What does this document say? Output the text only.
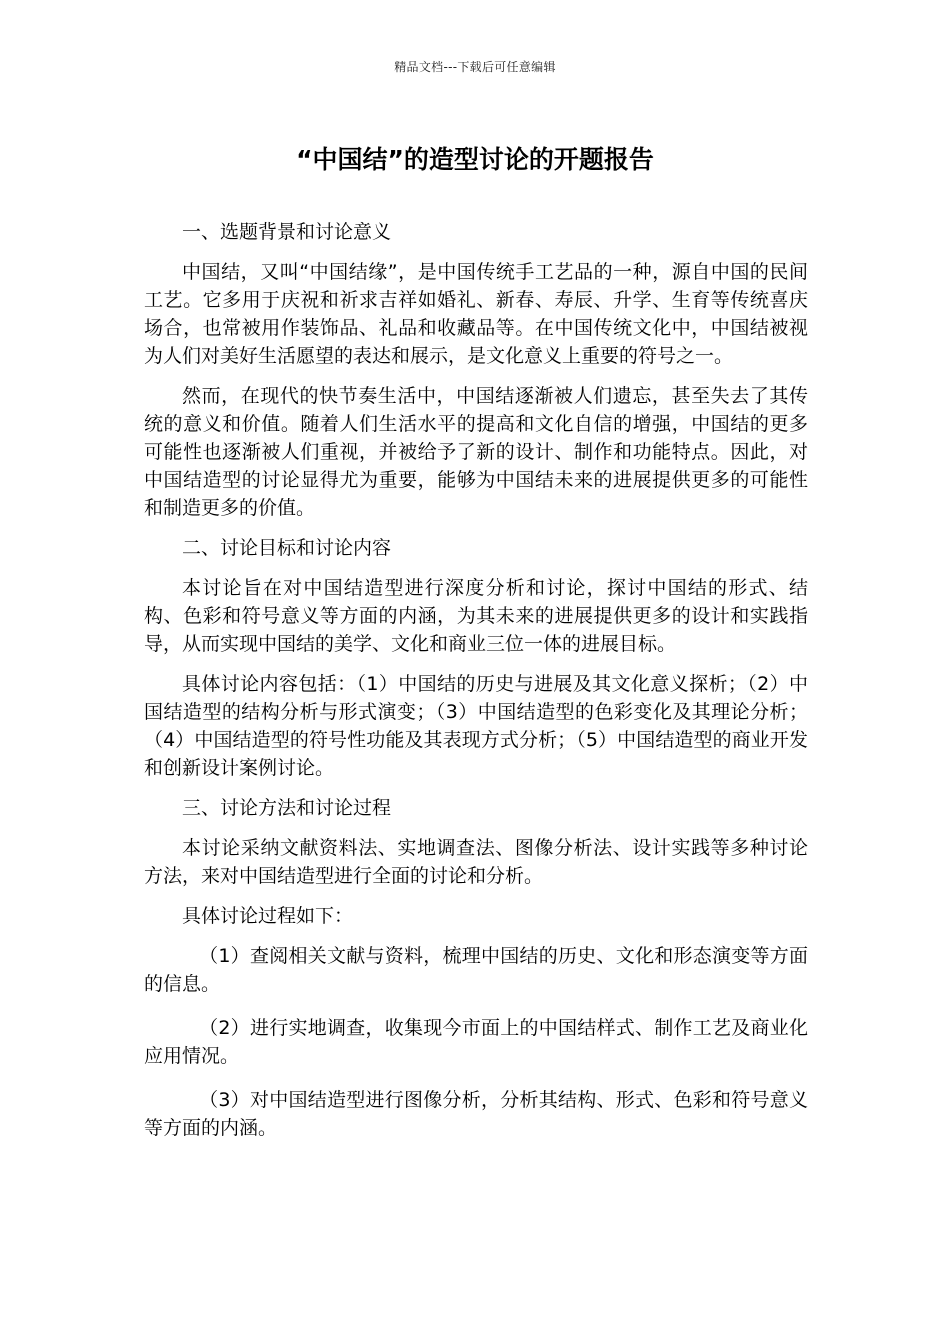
精品文档---下载后可任意编辑
“中国结”的造型讨论的开题报告

一、选题背景和讨论意义

中国结，又叫“中国结缘”，是中国传统手工艺品的一种，源自中国的民间工艺。它多用于庆祝和祈求吉祥如婚礼、新春、寿辰、升学、生育等传统喜庆场合，也常被用作装饰品、礼品和收藏品等。在中国传统文化中，中国结被视为人们对美好生活愿望的表达和展示，是文化意义上重要的符号之一。

然而，在现代的快节奏生活中，中国结逐渐被人们遗忘，甚至失去了其传统的意义和价值。随着人们生活水平的提高和文化自信的增强，中国结的更多可能性也逐渐被人们重视，并被给予了新的设计、制作和功能特点。因此，对中国结造型的讨论显得尤为重要，能够为中国结未来的进展提供更多的可能性和制造更多的价值。

二、讨论目标和讨论内容

本讨论旨在对中国结造型进行深度分析和讨论，探讨中国结的形式、结构、色彩和符号意义等方面的内涵，为其未来的进展提供更多的设计和实践指导，从而实现中国结的美学、文化和商业三位一体的进展目标。

具体讨论内容包括：（1）中国结的历史与进展及其文化意义探析；（2）中国结造型的结构分析与形式演变；（3）中国结造型的色彩变化及其理论分析；（4）中国结造型的符号性功能及其表现方式分析；（5）中国结造型的商业开发和创新设计案例讨论。

三、讨论方法和讨论过程

本讨论采纳文献资料法、实地调查法、图像分析法、设计实践等多种讨论方法，来对中国结造型进行全面的讨论和分析。

具体讨论过程如下：

（1）查阅相关文献与资料，梳理中国结的历史、文化和形态演变等方面的信息。

（2）进行实地调查，收集现今市面上的中国结样式、制作工艺及商业化应用情况。

（3）对中国结造型进行图像分析，分析其结构、形式、色彩和符号意义等方面的内涵。
